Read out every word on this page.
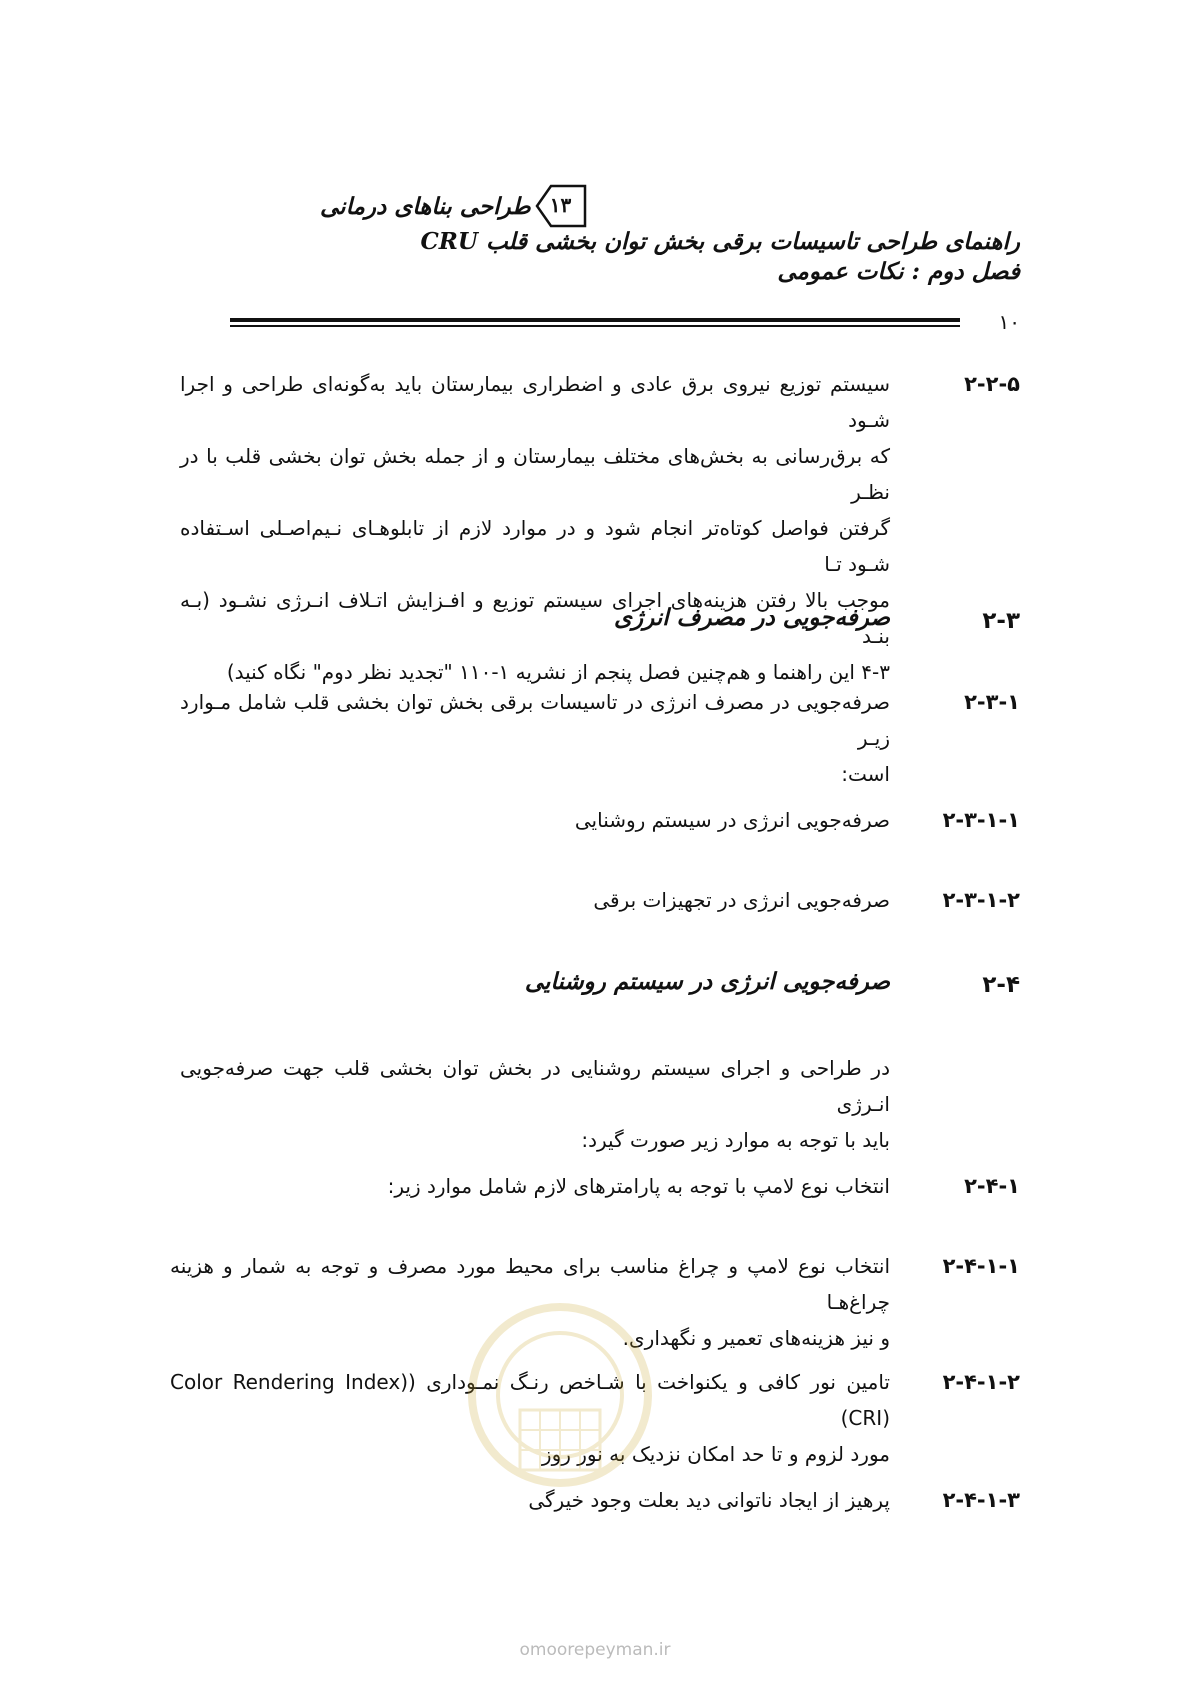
طراحی بناهای درمانی ۱۳
راهنمای طراحی تاسیسات برقی بخش توان بخشی قلب CRU
فصل دوم : نکات عمومی
۱۰
۲-۲-۵
سیستم توزیع نیروی برق عادی و اضطراری بیمارستان باید به‌گونه‌ای طراحی و اجرا شـود
که برق‌رسانی به بخش‌های مختلف بیمارستان و از جمله بخش توان بخشی قلب با در نظـر
گرفتن فواصل کوتاه‌تر انجام شود و در موارد لازم از تابلوهـای نـیم‌اصـلی اسـتفاده شـود تـا
موجب بالا رفتن هزینه‌های اجرای سیستم توزیع و افـزایش اتـلاف انـرژی نشـود (بـه بنـد
۴-۳ این راهنما و هم‌چنین فصل پنجم از نشریه ۱-۱۱۰ "تجدید نظر دوم" نگاه کنید)
۲-۳
صرفه‌جویی در مصرف انرژی
۲-۳-۱
صرفه‌جویی در مصرف انرژی در تاسیسات برقی بخش توان بخشی قلب شامل مـوارد زیـر
است:
۲-۳-۱-۱
صرفه‌جویی انرژی در سیستم روشنایی
۲-۳-۱-۲
صرفه‌جویی انرژی در تجهیزات برقی
۲-۴
صرفه‌جویی انرژی در سیستم روشنایی
در طراحی و اجرای سیستم روشنایی در بخش توان بخشی قلب جهت صرفه‌جویی انـرژی
باید با توجه به موارد زیر صورت گیرد:
۲-۴-۱
انتخاب نوع لامپ با توجه به پارامترهای لازم شامل موارد زیر:
۲-۴-۱-۱
انتخاب نوع لامپ و چراغ مناسب برای محیط مورد مصرف و توجه به شمار و هزینه چراغ‌هـا
و نیز هزینه‌های تعمیر و نگهداری.
۲-۴-۱-۲
تامین نور کافی و یکنواخت با شـاخص رنـگ نمـوداری ((Color Rendering Index (CRI)
مورد لزوم و تا حد امکان نزدیک به نور روز
۲-۴-۱-۳
پرهیز از ایجاد ناتوانی دید بعلت وجود خیرگی
omoorepeyman.ir
